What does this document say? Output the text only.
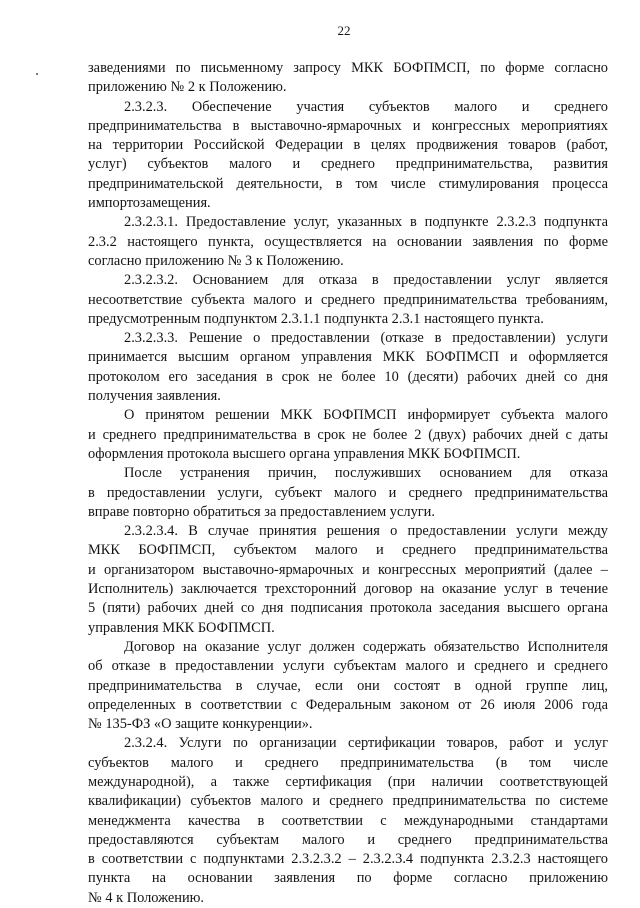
22
заведениями по письменному запросу МКК БОФПМСП, по форме согласно
приложению № 2 к Положению.
2.3.2.3. Обеспечение участия субъектов малого и среднего
предпринимательства в выставочно-ярмарочных и конгрессных мероприятиях
на территории Российской Федерации в целях продвижения товаров (работ,
услуг) субъектов малого и среднего предпринимательства, развития
предпринимательской деятельности, в том числе стимулирования процесса
импортозамещения.
2.3.2.3.1. Предоставление услуг, указанных в подпункте 2.3.2.3 подпункта
2.3.2 настоящего пункта, осуществляется на основании заявления по форме
согласно приложению № 3 к Положению.
2.3.2.3.2. Основанием для отказа в предоставлении услуг является
несоответствие субъекта малого и среднего предпринимательства требованиям,
предусмотренным подпунктом 2.3.1.1 подпункта 2.3.1 настоящего пункта.
2.3.2.3.3. Решение о предоставлении (отказе в предоставлении) услуги
принимается высшим органом управления МКК БОФПМСП и оформляется
протоколом его заседания в срок не более 10 (десяти) рабочих дней со дня
получения заявления.
О принятом решении МКК БОФПМСП информирует субъекта малого
и среднего предпринимательства в срок не более 2 (двух) рабочих дней с даты
оформления протокола высшего органа управления МКК БОФПМСП.
После устранения причин, послуживших основанием для отказа
в предоставлении услуги, субъект малого и среднего предпринимательства
вправе повторно обратиться за предоставлением услуги.
2.3.2.3.4. В случае принятия решения о предоставлении услуги между
МКК БОФПМСП, субъектом малого и среднего предпринимательства
и организатором выставочно-ярмарочных и конгрессных мероприятий (далее –
Исполнитель) заключается трехсторонний договор на оказание услуг в течение
5 (пяти) рабочих дней со дня подписания протокола заседания высшего органа
управления МКК БОФПМСП.
Договор на оказание услуг должен содержать обязательство Исполнителя
об отказе в предоставлении услуги субъектам малого и среднего и среднего
предпринимательства в случае, если они состоят в одной группе лиц,
определенных в соответствии с Федеральным законом от 26 июля 2006 года
№ 135-ФЗ «О защите конкуренции».
2.3.2.4. Услуги по организации сертификации товаров, работ и услуг
субъектов малого и среднего предпринимательства (в том числе
международной), а также сертификация (при наличии соответствующей
квалификации) субъектов малого и среднего предпринимательства по системе
менеджмента качества в соответствии с международными стандартами
предоставляются субъектам малого и среднего предпринимательства
в соответствии с подпунктами 2.3.2.3.2 – 2.3.2.3.4 подпункта 2.3.2.3 настоящего
пункта на основании заявления по форме согласно приложению
№ 4 к Положению.
